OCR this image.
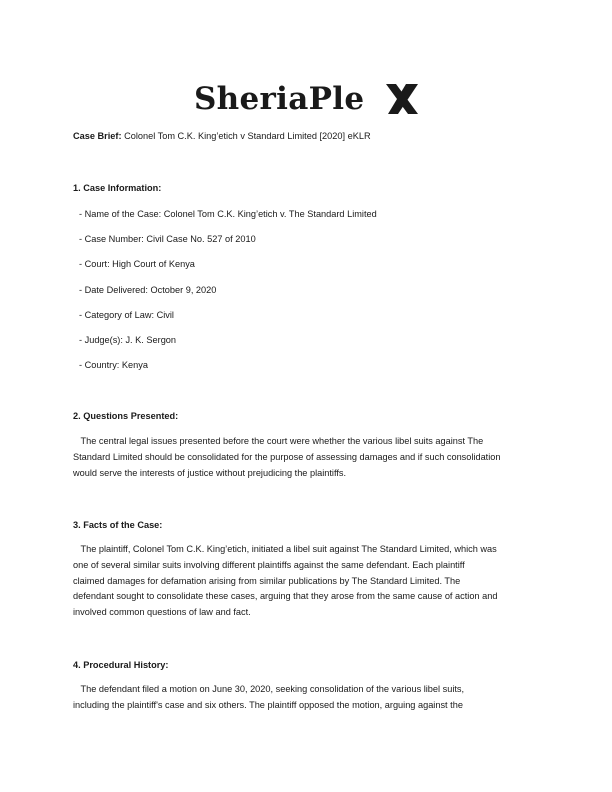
SheriaPle
Case Brief: Colonel Tom C.K. King’etich v Standard Limited [2020] eKLR
1. Case Information:
- Name of the Case: Colonel Tom C.K. King’etich v. The Standard Limited
- Case Number: Civil Case No. 527 of 2010
- Court: High Court of Kenya
- Date Delivered: October 9, 2020
- Category of Law: Civil
- Judge(s): J. K. Sergon
- Country: Kenya
2. Questions Presented:

The central legal issues presented before the court were whether the various libel suits against The

Standard Limited should be consolidated for the purpose of assessing damages and if such consolidation

would serve the interests of justice without prejudicing the plaintiffs.

3. Facts of the Case:

The plaintiff, Colonel Tom C.K. King’etich, initiated a libel suit against The Standard Limited, which was

one of several similar suits involving different plaintiffs against the same defendant. Each plaintiff

claimed damages for defamation arising from similar publications by The Standard Limited. The

defendant sought to consolidate these cases, arguing that they arose from the same cause of action and

involved common questions of law and fact.

4. Procedural History:

The defendant filed a motion on June 30, 2020, seeking consolidation of the various libel suits,

including the plaintiff's case and six others. The plaintiff opposed the motion, arguing against the
